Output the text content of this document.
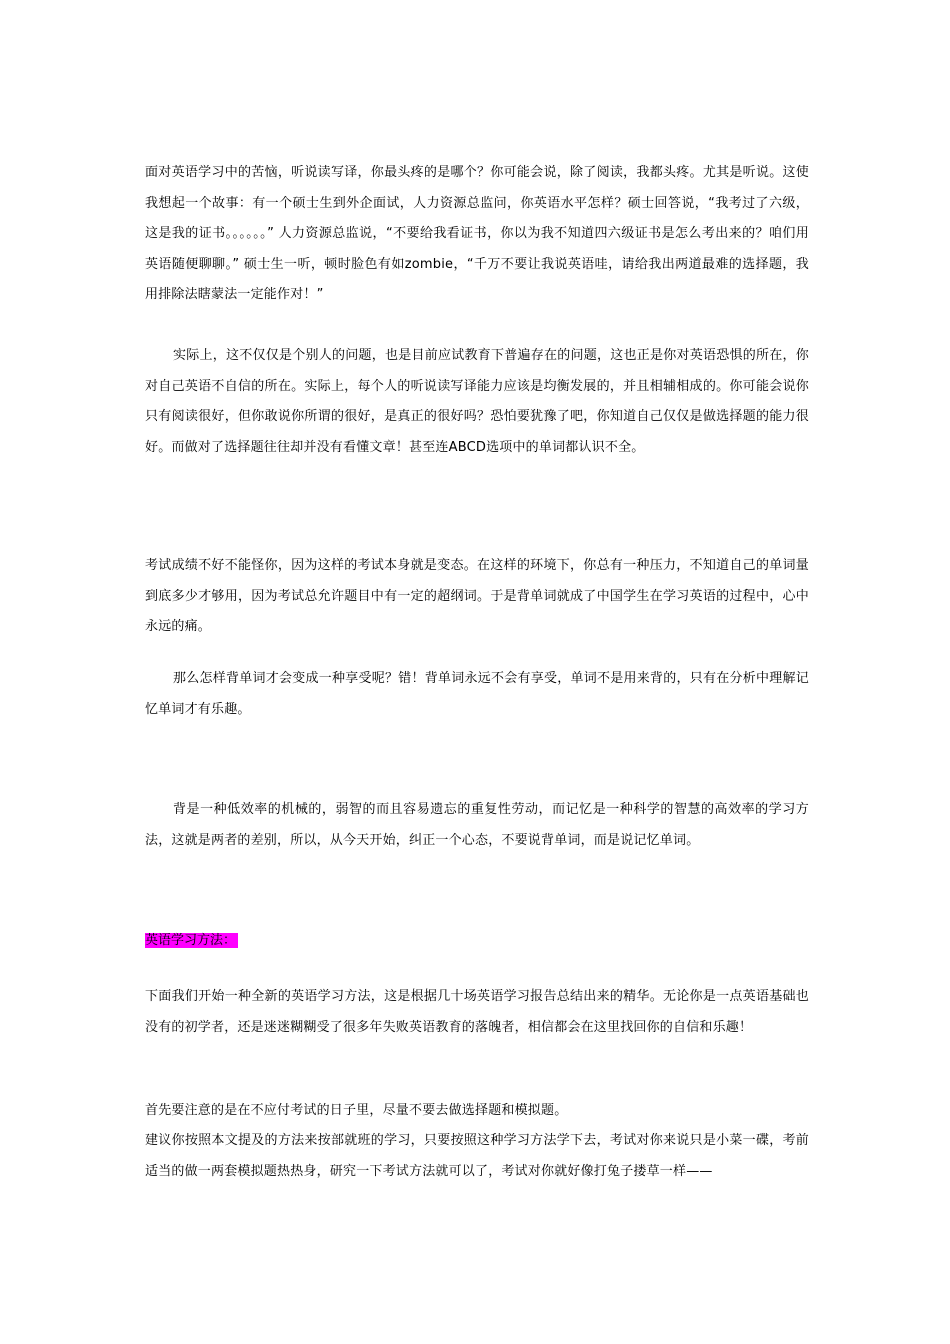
面对英语学习中的苦恼，听说读写译，你最头疼的是哪个？你可能会说，除了阅读，我都头疼。尤其是听说。这使我想起一个故事：有一个硕士生到外企面试，人力资源总监问，你英语水平怎样？硕士回答说，“我考过了六级，这是我的证书。。。。。。” 人力资源总监说，“不要给我看证书，你以为我不知道四六级证书是怎么考出来的？咱们用英语随便聊聊。” 硕士生一听，顿时脸色有如zombie，“千万不要让我说英语哇，请给我出两道最难的选择题，我用排除法瞎蒙法一定能作对！”

实际上，这不仅仅是个别人的问题，也是目前应试教育下普遍存在的问题，这也正是你对英语恐惧的所在，你对自己英语不自信的所在。实际上，每个人的听说读写译能力应该是均衡发展的，并且相辅相成的。你可能会说你只有阅读很好，但你敢说你所谓的很好，是真正的很好吗？恐怕要犹豫了吧，你知道自己仅仅是做选择题的能力很好。而做对了选择题往往却并没有看懂文章！甚至连ABCD选项中的单词都认识不全。

考试成绩不好不能怪你，因为这样的考试本身就是变态。在这样的环境下，你总有一种压力，不知道自己的单词量到底多少才够用，因为考试总允许题目中有一定的超纲词。于是背单词就成了中国学生在学习英语的过程中，心中永远的痛。

那么怎样背单词才会变成一种享受呢？错！背单词永远不会有享受，单词不是用来背的，只有在分析中理解记忆单词才有乐趣。

背是一种低效率的机械的，弱智的而且容易遗忘的重复性劳动，而记忆是一种科学的智慧的高效率的学习方法，这就是两者的差别，所以，从今天开始，纠正一个心态，不要说背单词，而是说记忆单词。

英语学习方法：

下面我们开始一种全新的英语学习方法，这是根据几十场英语学习报告总结出来的精华。无论你是一点英语基础也没有的初学者，还是迷迷糊糊受了很多年失败英语教育的落魄者，相信都会在这里找回你的自信和乐趣！

首先要注意的是在不应付考试的日子里，尽量不要去做选择题和模拟题。

建议你按照本文提及的方法来按部就班的学习，只要按照这种学习方法学下去，考试对你来说只是小菜一碟，考前适当的做一两套模拟题热热身，研究一下考试方法就可以了，考试对你就好像打兔子搂草一样——
